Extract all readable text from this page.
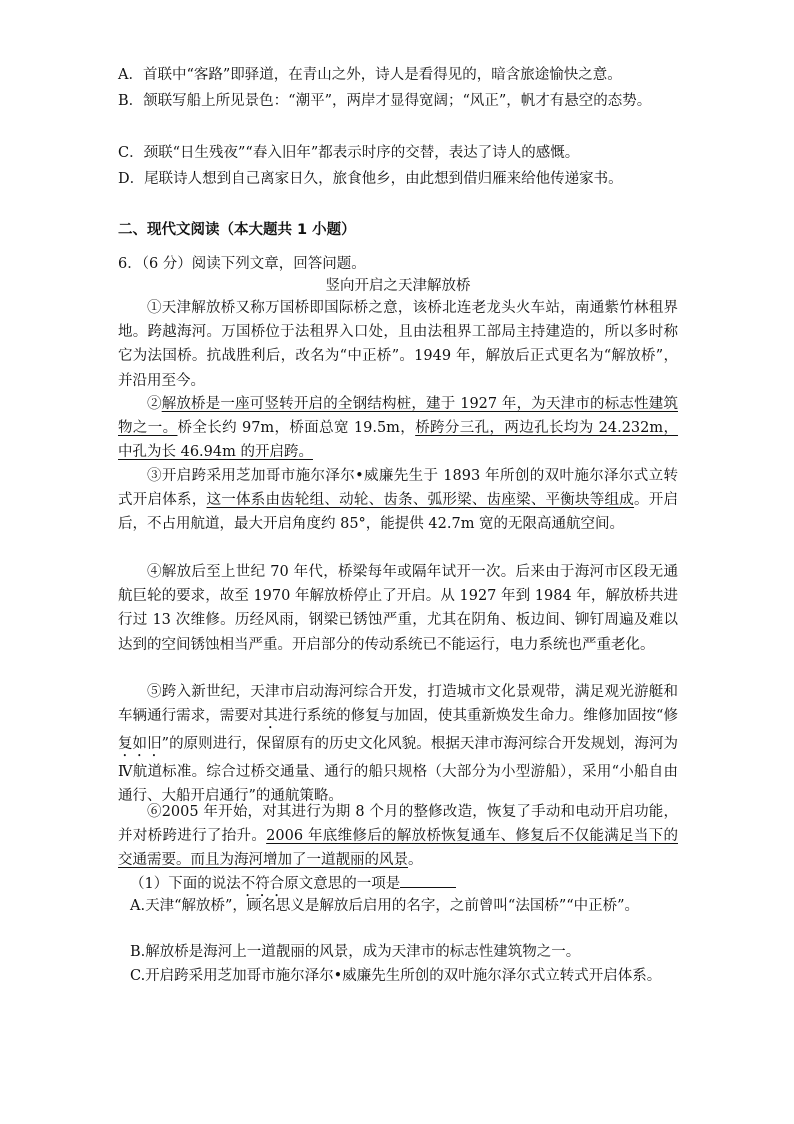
A．首联中“客路”即驿道，在青山之外，诗人是看得见的，暗含旅途愉快之意。
B．颔联写船上所见景色：“潮平”，两岸才显得宽阔；“风正”，帆才有悬空的态势。
C．颈联“日生残夜”“春入旧年”都表示时序的交替，表达了诗人的感慨。
D．尾联诗人想到自己离家日久，旅食他乡，由此想到借归雁来给他传递家书。
二、现代文阅读（本大题共 1 小题）
6．（6 分）阅读下列文章，回答问题。
竖向开启之天津解放桥
①天津解放桥又称万国桥即国际桥之意，该桥北连老龙头火车站，南通紫竹林租界地。跨越海河。万国桥位于法租界入口处，且由法租界工部局主持建造的，所以多时称它为法国桥。抗战胜利后，改名为“中正桥”。1949 年，解放后正式更名为“解放桥”，并沿用至今。
②解放桥是一座可竖转开启的全钢结构桩，建于 1927 年，为天津市的标志性建筑物之一。桥全长约 97m，桥面总宽 19.5m，桥跨分三孔，两边孔长均为 24.232m，中孔为长 46.94m 的开启跨。
③开启跨采用芝加哥市施尔泽尔•威廉先生于 1893 年所创的双叶施尔泽尔式立转式开启体系，这一体系由齿轮组、动轮、齿条、弧形梁、齿座梁、平衡块等组成。开启后，不占用航道，最大开启角度约 85°，能提供 42.7m 宽的无限高通航空间。
④解放后至上世纪 70 年代，桥梁每年或隔年试开一次。后来由于海河市区段无通航巨轮的要求，故至 1970 年解放桥停止了开启。从 1927 年到 1984 年，解放桥共进行过 13 次维修。历经风雨，钢梁已锈蚀严重，尤其在阴角、板边间、铆钉周遍及难以达到的空间锈蚀相当严重。开启部分的传动系统已不能运行，电力系统也严重老化。
⑤跨入新世纪，天津市启动海河综合开发，打造城市文化景观带，满足观光游艇和车辆通行需求，需要对其进行系统的修复与加固，使其重新焕发生命力。维修加固按“修复如旧”的原则进行，保留原有的历史文化风貌。根据天津市海河综合开发规划，海河为Ⅳ航道标准。综合过桥交通量、通行的船只规格（大部分为小型游船），采用“小船自由通行、大船开启通行”的通航策略。
⑥2005 年开始，对其进行为期 8 个月的整修改造，恢复了手动和电动开启功能，并对桥跨进行了抬升。2006 年底维修后的解放桥恢复通车、修复后不仅能满足当下的交通需要。而且为海河增加了一道靓丽的风景。
（1）下面的说法不符合原文意思的一项是
A.天津“解放桥”，顾名思义是解放后启用的名字，之前曾叫“法国桥”“中正桥”。
B.解放桥是海河上一道靓丽的风景，成为天津市的标志性建筑物之一。
C.开启跨采用芝加哥市施尔泽尔•威廉先生所创的双叶施尔泽尔式立转式开启体系。
